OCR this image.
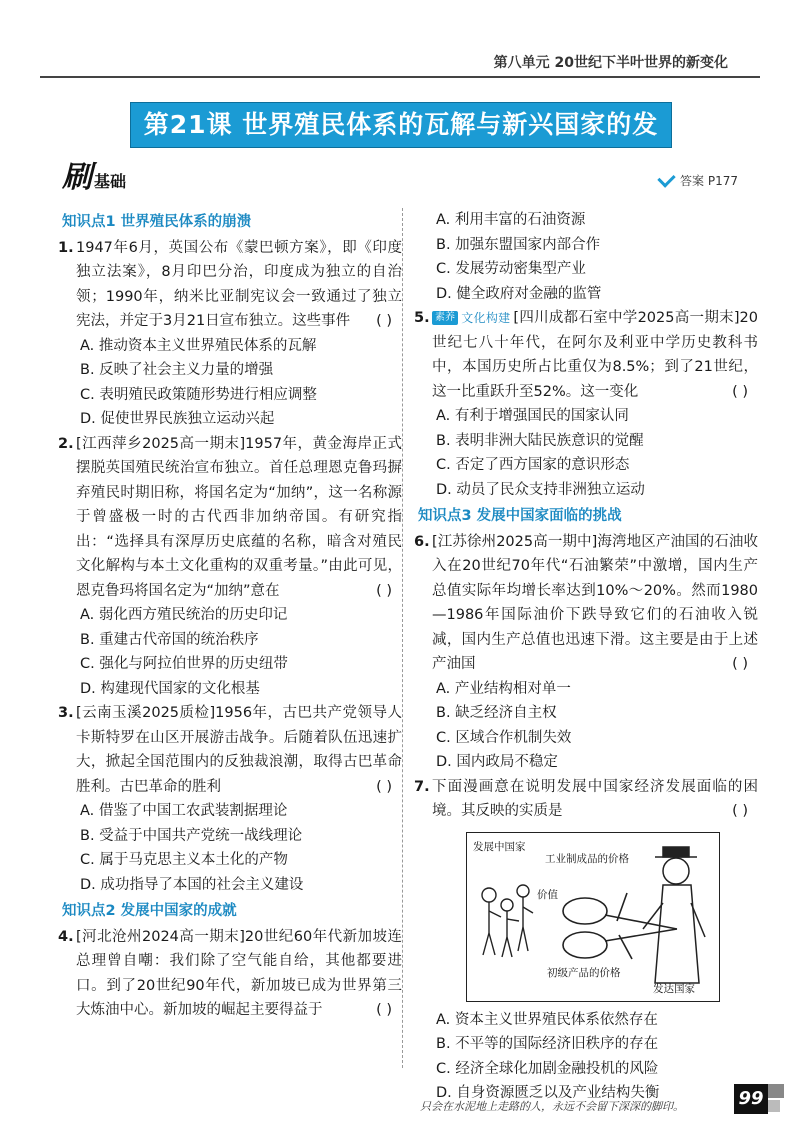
第八单元 20世纪下半叶世界的新变化
第21课 世界殖民体系的瓦解与新兴国家的发展
刷 基础	答案 P177
知识点1 世界殖民体系的崩溃
1. 1947年6月，英国公布《蒙巴顿方案》，即《印度独立法案》，8月印巴分治，印度成为独立的自治领；1990年，纳米比亚制宪议会一致通过了独立宪法，并定于3月21日宣布独立。这些事件 ( )
A. 推动资本主义世界殖民体系的瓦解
B. 反映了社会主义力量的增强
C. 表明殖民政策随形势进行相应调整
D. 促使世界民族独立运动兴起
2. [江西萍乡2025高一期末]1957年，黄金海岸正式摆脱英国殖民统治宣布独立。首任总理恩克鲁玛摒弃殖民时期旧称，将国名定为“加纳”，这一名称源于曾盛极一时的古代西非加纳帝国。有研究指出：“选择具有深厚历史底蕴的名称，暗含对殖民文化解构与本土文化重构的双重考量。”由此可见，恩克鲁玛将国名定为“加纳”意在	( )
A. 弱化西方殖民统治的历史印记
B. 重建古代帝国的统治秩序
C. 强化与阿拉伯世界的历史纽带
D. 构建现代国家的文化根基
3. [云南玉溪2025质检]1956年，古巴共产党领导人卡斯特罗在山区开展游击战争。后随着队伍迅速扩大，掀起全国范围内的反独裁浪潮，取得古巴革命胜利。古巴革命的胜利	( )
A. 借鉴了中国工农武装割据理论
B. 受益于中国共产党统一战线理论
C. 属于马克思主义本土化的产物
D. 成功指导了本国的社会主义建设
知识点2 发展中国家的成就
4. [河北沧州2024高一期末]20世纪60年代新加坡连总理曾自嘲：我们除了空气能自给，其他都要进口。到了20世纪90年代，新加坡已成为世界第三大炼油中心。新加坡的崛起主要得益于	( )
A. 利用丰富的石油资源
B. 加强东盟国家内部合作
C. 发展劳动密集型产业
D. 健全政府对金融的监管
5. 素养 文化构建 [四川成都石室中学2025高一期末]20世纪七八十年代，在阿尔及利亚中学历史教科书中，本国历史所占比重仅为8.5%；到了21世纪，这一比重跃升至52%。这一变化	( )
A. 有利于增强国民的国家认同
B. 表明非洲大陆民族意识的觉醒
C. 否定了西方国家的意识形态
D. 动员了民众支持非洲独立运动
知识点3 发展中国家面临的挑战
6. [江苏徐州2025高一期中]海湾地区产油国的石油收入在20世纪70年代“石油繁荣”中激增，国内生产总值实际年均增长率达到10%～20%。然而1980—1986年国际油价下跌导致它们的石油收入锐减，国内生产总值也迅速下滑。这主要是由于上述产油国	( )
A. 产业结构相对单一
B. 缺乏经济自主权
C. 区域合作机制失效
D. 国内政局不稳定
7. 下面漫画意在说明发展中国家经济发展面临的困境。其反映的实质是	( )
发展中国家
工业制成品的价格
价值
初级产品的价格
发达国家
A. 资本主义世界殖民体系依然存在
B. 不平等的国际经济旧秩序的存在
C. 经济全球化加剧金融投机的风险
D. 自身资源匮乏以及产业结构失衡
只会在水泥地上走路的人，永远不会留下深深的脚印。	99
